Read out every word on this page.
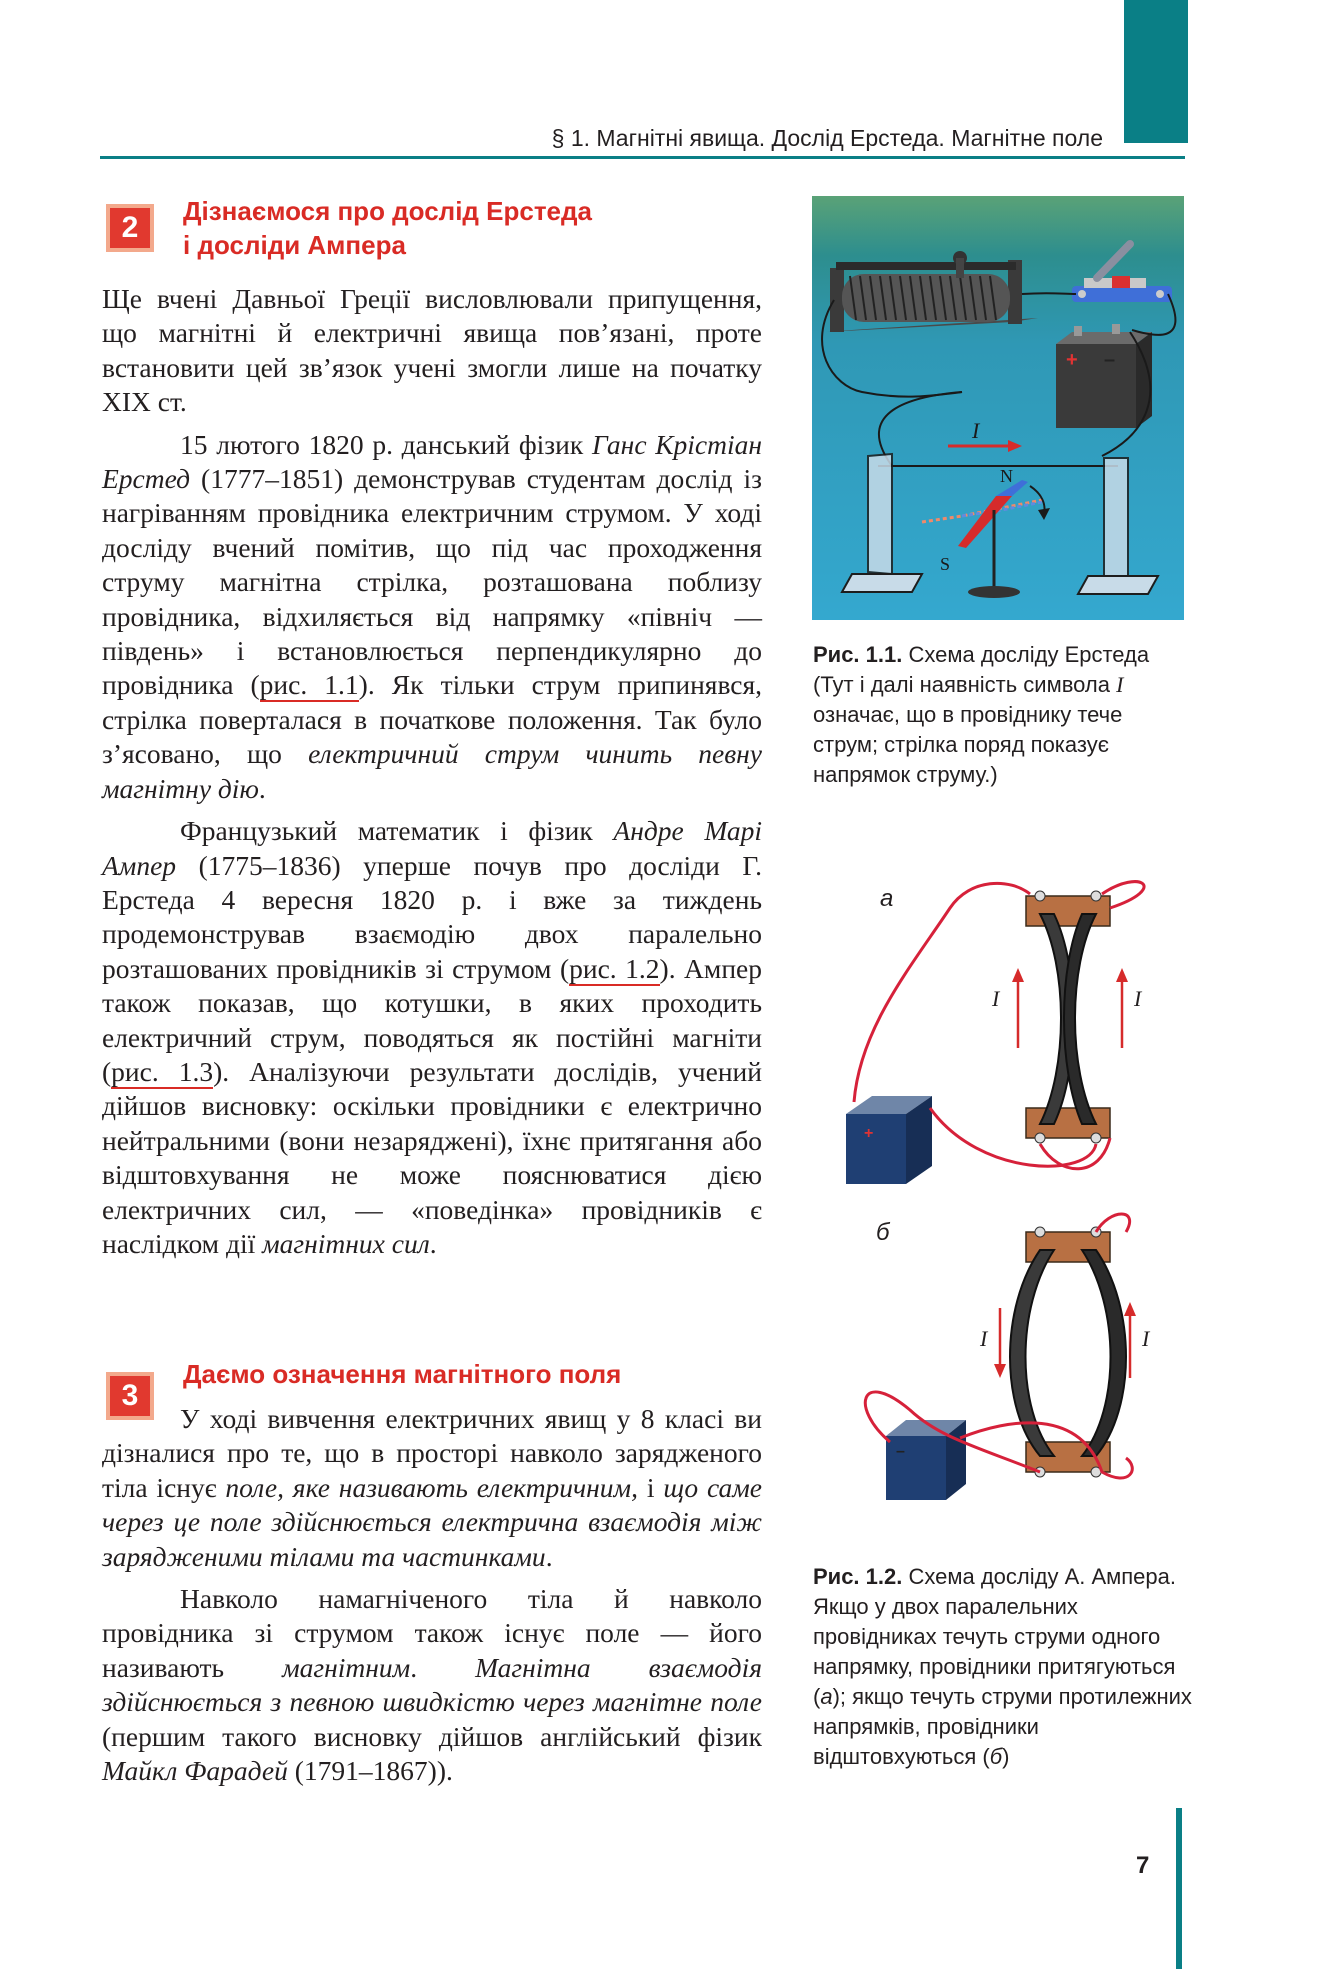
§ 1. Магнітні явища. Дослід Ерстеда. Магнітне поле
2	Дізнаємося про дослід Ерстеда
і досліди Ампера

Ще вчені Давньої Греції висловлювали припущення, що магнітні й електричні явища пов’язані, проте встановити цей зв’язок учені змогли лише на початку XIX ст.

15 лютого 1820 р. данський фізик Ганс Крістіан Ерстед (1777–1851) демонстрував студентам дослід із нагріванням провідника електричним струмом. У ході досліду вчений помітив, що під час проходження струму магнітна стрілка, розташована поблизу провідника, відхиляється від напрямку «північ — південь» і встановлюється перпендикулярно до провідника (рис. 1.1). Як тільки струм припинявся, стрілка поверталася в початкове положення. Так було з’ясовано, що електричний струм чинить певну магнітну дію.

Французький математик і фізик Андре Марі Ампер (1775–1836) уперше почув про досліди Г. Ерстеда 4 вересня 1820 р. і вже за тиждень продемонстрував взаємодію двох паралельно розташованих провідників зі струмом (рис. 1.2). Ампер також показав, що котушки, в яких проходить електричний струм, поводяться як постійні магніти (рис. 1.3). Аналізуючи результати дослідів, учений дійшов висновку: оскільки провідники є електрично нейтральними (вони незаряджені), їхнє притягання або відштовхування не може пояснюватися дією електричних сил, — «поведінка» провідників є наслідком дії магнітних сил.

3
Даємо означення магнітного поля

У ході вивчення електричних явищ у 8 класі ви дізналися про те, що в просторі навколо зарядженого тіла існує поле, яке називають електричним, і що саме через це поле здійснюється електрична взаємодія між зарядженими тілами та частинками.

Навколо намагніченого тіла й навколо провідника зі струмом також існує поле — його називають магнітним. Магнітна взаємодія здійснюється з певною швидкістю через магнітне поле (першим такого висновку дійшов англійський фізик Майкл Фарадей (1791–1867)).

+ –
I
N
S
Рис. 1.1. Схема досліду Ерстеда (Тут і далі наявність символа I означає, що в провіднику тече струм; стрілка поряд показує напрямок струму.)
а
I	I
+
б
I	I
–
Рис. 1.2. Схема досліду А. Ампера. Якщо у двох паралельних провідниках течуть струми одного напрямку, провідники притягуються (а); якщо течуть струми протилежних напрямків, провідники відштовхуються (б)
7
